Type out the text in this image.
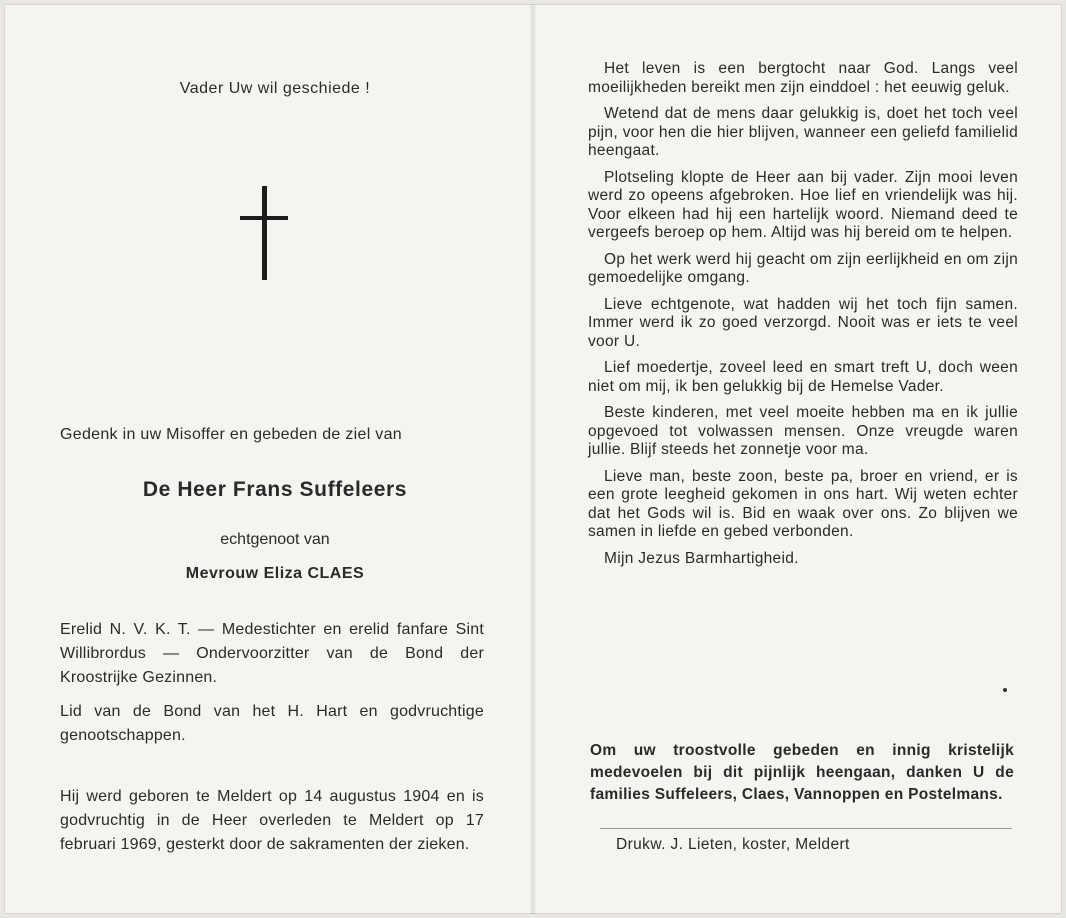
Vader Uw wil geschiede !

Gedenk in uw Misoffer en gebeden de ziel van
De Heer Frans Suffeleers
echtgenoot van
Mevrouw Eliza CLAES

Erelid N. V. K. T. — Medestichter en erelid fanfare Sint Willibrordus — Ondervoorzitter van de Bond der Kroostrijke Gezinnen.

Lid van de Bond van het H. Hart en godvruchtige genootschappen.

Hij werd geboren te Meldert op 14 augustus 1904 en is godvruchtig in de Heer overleden te Meldert op 17 februari 1969, gesterkt door de sakramenten der zieken.

Het leven is een bergtocht naar God. Langs veel moeilijkheden bereikt men zijn einddoel : het eeuwig geluk.

Wetend dat de mens daar gelukkig is, doet het toch veel pijn, voor hen die hier blijven, wanneer een geliefd familielid heengaat.

Plotseling klopte de Heer aan bij vader. Zijn mooi leven werd zo opeens afgebroken. Hoe lief en vriendelijk was hij. Voor elkeen had hij een hartelijk woord. Niemand deed te vergeefs beroep op hem. Altijd was hij bereid om te helpen.

Op het werk werd hij geacht om zijn eerlijkheid en om zijn gemoedelijke omgang.

Lieve echtgenote, wat hadden wij het toch fijn samen. Immer werd ik zo goed verzorgd. Nooit was er iets te veel voor U.

Lief moedertje, zoveel leed en smart treft U, doch ween niet om mij, ik ben gelukkig bij de Hemelse Vader.

Beste kinderen, met veel moeite hebben ma en ik jullie opgevoed tot volwassen mensen. Onze vreugde waren jullie. Blijf steeds het zonnetje voor ma.

Lieve man, beste zoon, beste pa, broer en vriend, er is een grote leegheid gekomen in ons hart. Wij weten echter dat het Gods wil is. Bid en waak over ons. Zo blijven we samen in liefde en gebed verbonden.

Mijn Jezus Barmhartigheid.

Om uw troostvolle gebeden en innig kristelijk medevoelen bij dit pijnlijk heengaan, danken U de families Suffeleers, Claes, Vannoppen en Postelmans.
Drukw. J. Lieten, koster, Meldert
